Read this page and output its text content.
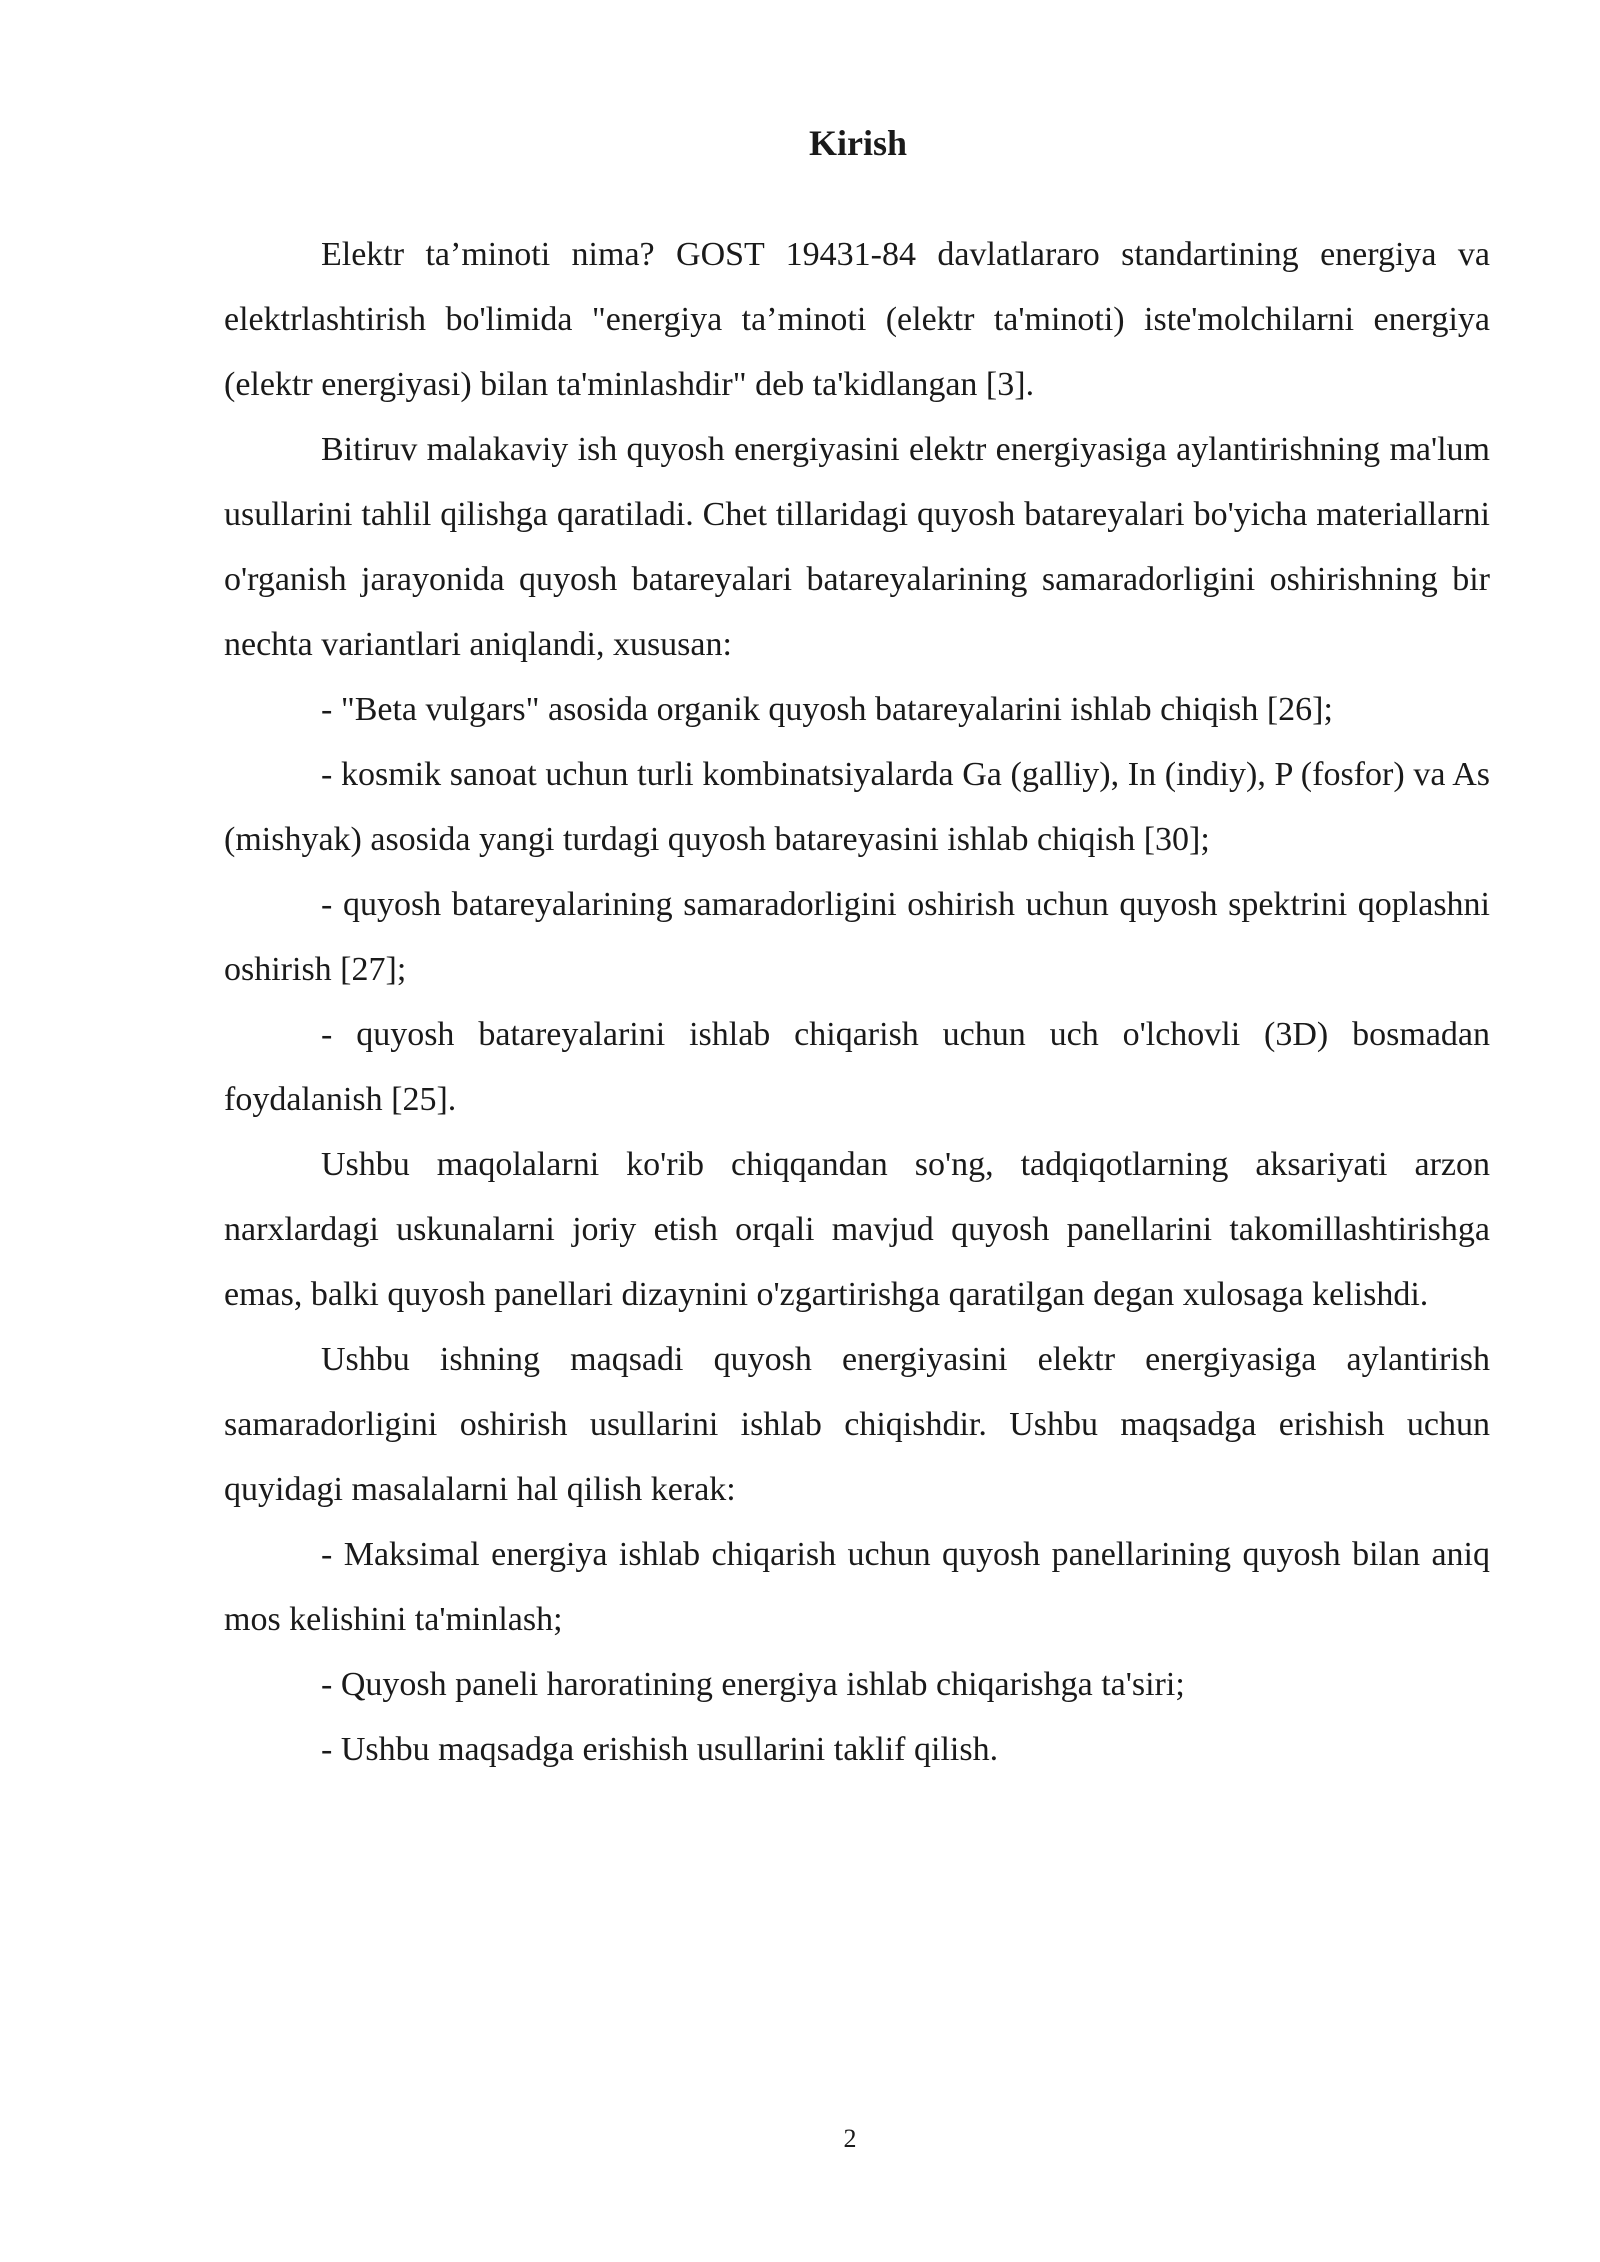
Kirish

Elektr ta’minoti nima? GOST 19431-84 davlatlararo standartining energiya va elektrlashtirish bo'limida "energiya ta’minoti (elektr ta'minoti) iste'molchilarni energiya (elektr energiyasi) bilan ta'minlashdir" deb ta'kidlangan [3].

Bitiruv malakaviy ish quyosh energiyasini elektr energiyasiga aylantirishning ma'lum usullarini tahlil qilishga qaratiladi. Chet tillaridagi quyosh batareyalari bo'yicha materiallarni o'rganish jarayonida quyosh batareyalari batareyalarining samaradorligini oshirishning bir nechta variantlari aniqlandi, xususan:

- "Beta vulgars" asosida organik quyosh batareyalarini ishlab chiqish [26];

- kosmik sanoat uchun turli kombinatsiyalarda Ga (galliy), In (indiy), P (fosfor) va As (mishyak) asosida yangi turdagi quyosh batareyasini ishlab chiqish [30];

- quyosh batareyalarining samaradorligini oshirish uchun quyosh spektrini qoplashni oshirish [27];

- quyosh batareyalarini ishlab chiqarish uchun uch o'lchovli (3D) bosmadan foydalanish [25].

Ushbu maqolalarni ko'rib chiqqandan so'ng, tadqiqotlarning aksariyati arzon narxlardagi uskunalarni joriy etish orqali mavjud quyosh panellarini takomillashtirishga emas, balki quyosh panellari dizaynini o'zgartirishga qaratilgan degan xulosaga kelishdi.

Ushbu ishning maqsadi quyosh energiyasini elektr energiyasiga aylantirish samaradorligini oshirish usullarini ishlab chiqishdir. Ushbu maqsadga erishish uchun quyidagi masalalarni hal qilish kerak:

- Maksimal energiya ishlab chiqarish uchun quyosh panellarining quyosh bilan aniq mos kelishini ta'minlash;

- Quyosh paneli haroratining energiya ishlab chiqarishga ta'siri;

- Ushbu maqsadga erishish usullarini taklif qilish.

2
